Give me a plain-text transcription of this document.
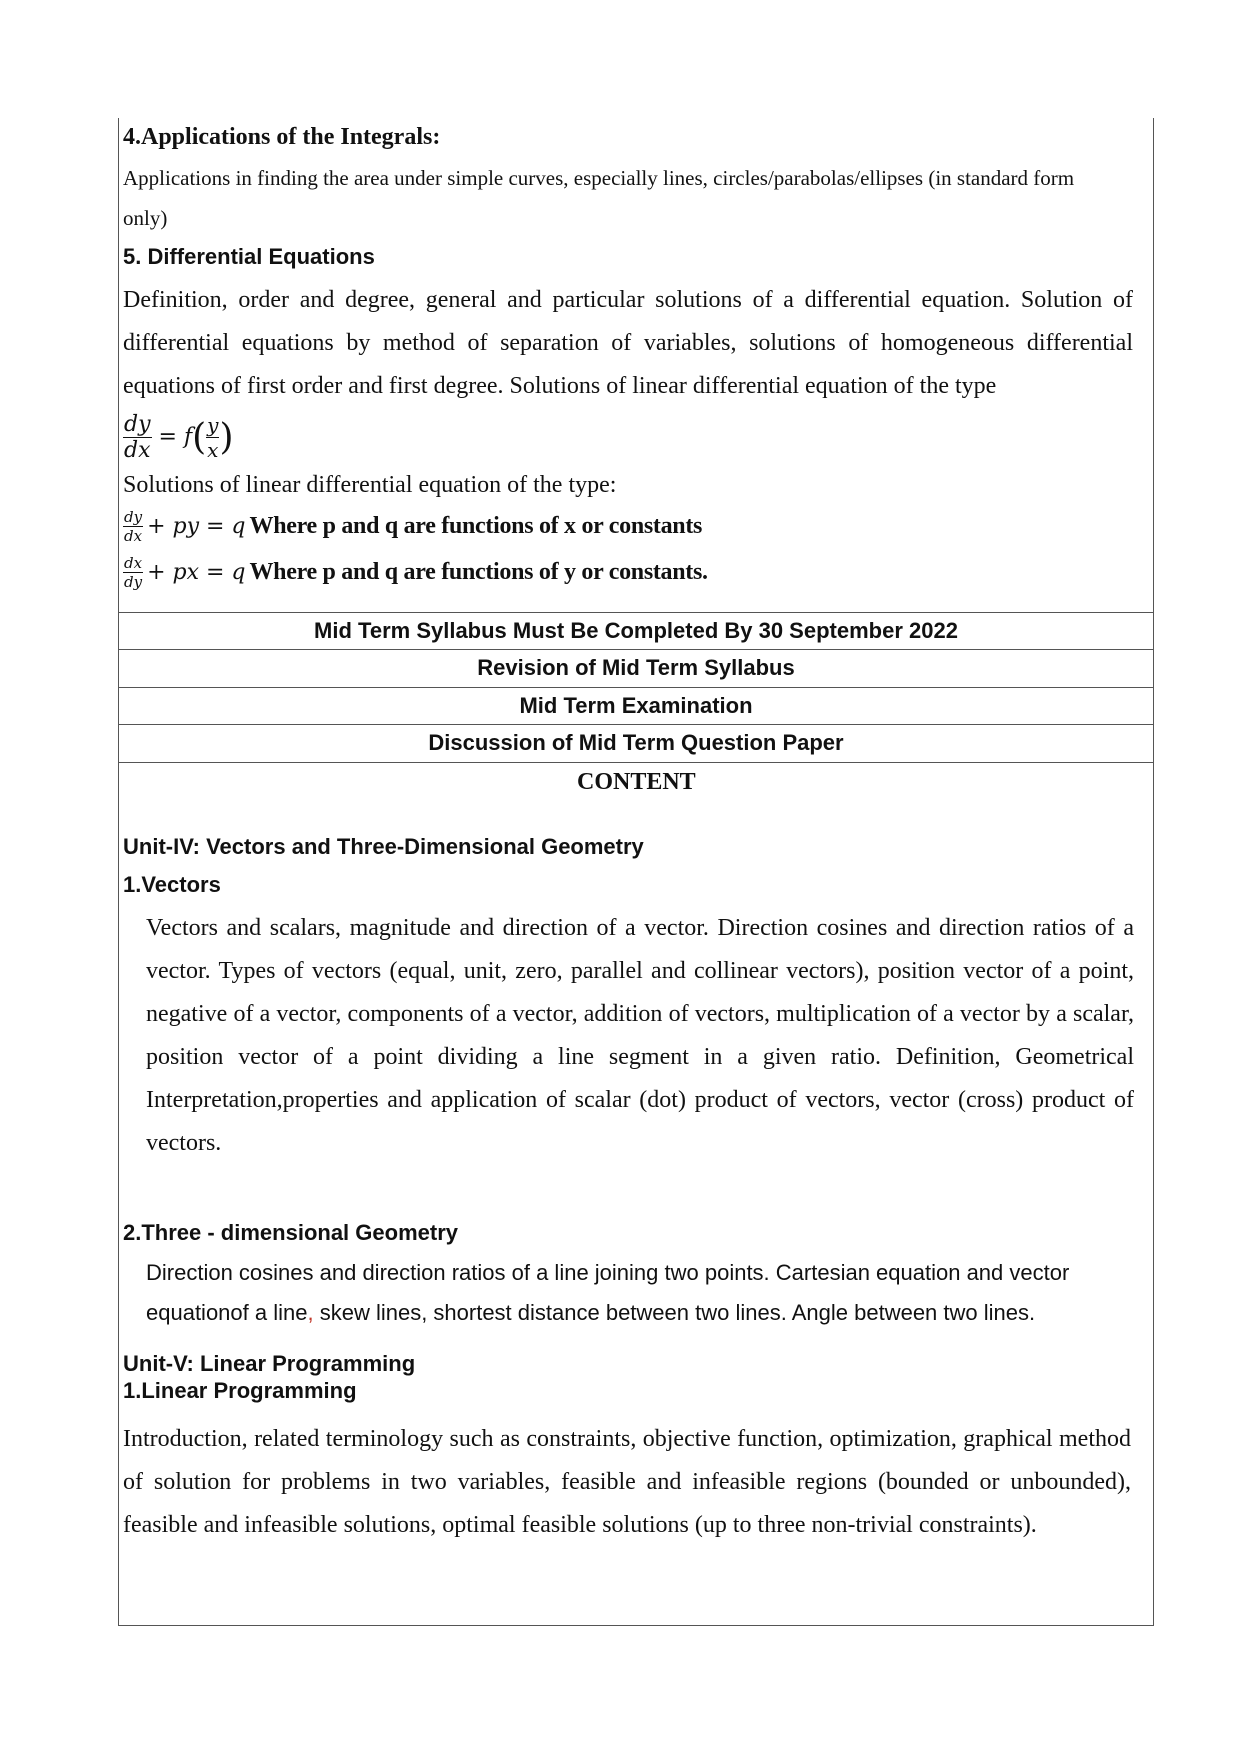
4.Applications of the Integrals:

Applications in finding the area under simple curves, especially lines, circles/parabolas/ellipses (in standard form only)

5. Differential Equations

Definition, order and degree, general and particular solutions of a differential equation. Solution of differential equations by method of separation of variables, solutions of homogeneous differential equations of first order and first degree. Solutions of linear differential equation of the type

$\frac{dy}{dx} = f( \frac{y}{x}$ )

Solutions of linear differential equation of the type:

$\frac{dy}{dx}$ + py = q Where p and q are functions of x or constants
$\frac{dx}{dy}$ + px = q Where p and q are functions of y or constants.
Mid Term Syllabus Must Be Completed By 30 September 2022
Revision of Mid Term Syllabus
Mid Term Examination
Discussion of Mid Term Question Paper

CONTENT

Unit-IV: Vectors and Three-Dimensional Geometry

1.Vectors

Vectors and scalars, magnitude and direction of a vector. Direction cosines and direction ratios of a vector. Types of vectors (equal, unit, zero, parallel and collinear vectors), position vector of a point, negative of a vector, components of a vector, addition of vectors, multiplication of a vector by a scalar, position vector of a point dividing a line segment in a given ratio. Definition, Geometrical Interpretation,properties and application of scalar (dot) product of vectors, vector (cross) product of vectors.

2.Three - dimensional Geometry

Direction cosines and direction ratios of a line joining two points. Cartesian equation and vector equationof a line, skew lines, shortest distance between two lines. Angle between two lines.

Unit-V: Linear Programming

1.Linear Programming

Introduction, related terminology such as constraints, objective function, optimization, graphical method of solution for problems in two variables, feasible and infeasible regions (bounded or unbounded), feasible and infeasible solutions, optimal feasible solutions (up to three non-trivial constraints).
